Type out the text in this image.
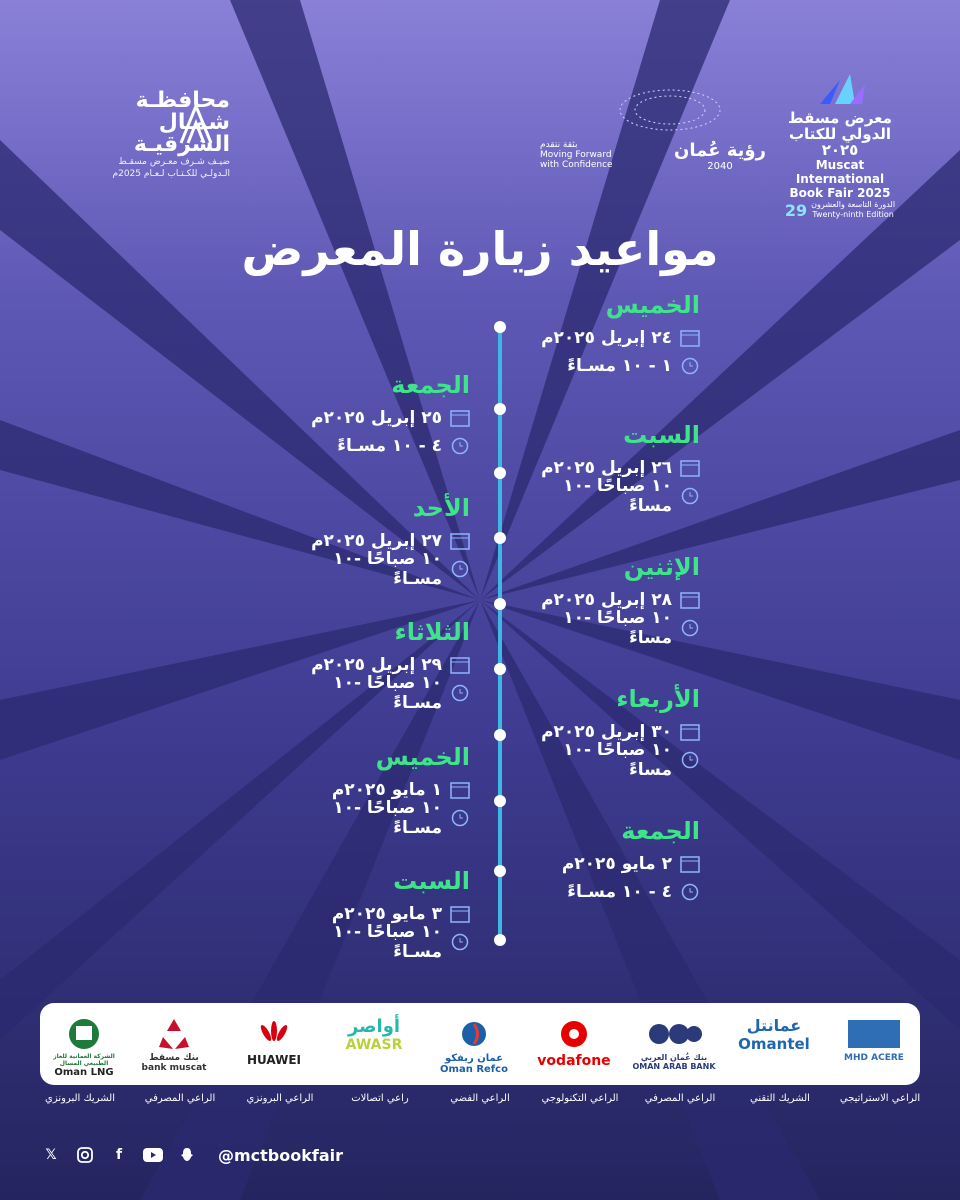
محافظـة
شمـال الشرقيـة
ضيـف شـرف معـرض مسقـط
الـدولـي للكـتـاب لـعـام 2025م
بثقة نتقدم
Moving Forward
with Confidence
رؤية عُمان
2040
معرض مسقط
الدولي للكتاب ٢٠٢٥
Muscat International
Book Fair 2025
29 الدورة التاسعة والعشرون
Twenty-ninth Edition
مواعيد زيارة المعرض
الخميس
٢٤ إبريل ٢٠٢٥م
١ - ١٠ مسـاءً
السبت
٢٦ إبريل ٢٠٢٥م
١٠ صباحًا -١٠ مساءً
الإثنين
٢٨ إبريل ٢٠٢٥م
١٠ صباحًا -١٠ مساءً
الأربعاء
٣٠ إبريل ٢٠٢٥م
١٠ صباحًا -١٠ مساءً
الجمعة
٢ مايو ٢٠٢٥م
٤ - ١٠ مسـاءً
الجمعة
٢٥ إبريل ٢٠٢٥م
٤ - ١٠ مسـاءً
الأحد
٢٧ إبريل ٢٠٢٥م
١٠ صباحًا -١٠ مسـاءً
الثلاثاء
٢٩ إبريل ٢٠٢٥م
١٠ صباحًا -١٠ مسـاءً
الخميس
١ مايو ٢٠٢٥م
١٠ صباحًا -١٠ مسـاءً
السبت
٣ مايو ٢٠٢٥م
١٠ صباحًا -١٠ مسـاءً
MHD ACERE
عمانتل
Omantel
بنك عُمان العربي
OMAN ARAB BANK
vodafone
عمان ريفكو
Oman Refco
أواصر
AWASR
HUAWEI
بنك مسقط
bank muscat
الشركة العمانية للغاز الطبيعي المسال
Oman LNG
الراعي الاستراتيجي
الشريك التقني
الراعي المصرفي
الراعي التكنولوجي
الراعي الفضي
راعي اتصالات
الراعي البرونزي
الراعي المصرفي
الشريك البرونزي
𝕏	f	@mctbookfair
